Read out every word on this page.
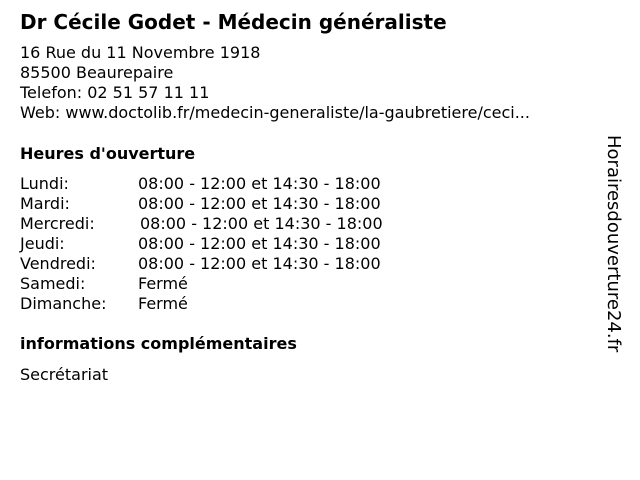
Dr Cécile Godet - Médecin généraliste
16 Rue du 11 Novembre 1918
85500 Beaurepaire
Telefon: 02 51 57 11 11
Web: www.doctolib.fr/medecin-generaliste/la-gaubretiere/ceci...
Heures d'ouverture
Lundi:	08:00 - 12:00 et 14:30 - 18:00
Mardi:	08:00 - 12:00 et 14:30 - 18:00
Mercredi:	08:00 - 12:00 et 14:30 - 18:00
Jeudi:	08:00 - 12:00 et 14:30 - 18:00
Vendredi:	08:00 - 12:00 et 14:30 - 18:00
Samedi:	Fermé
Dimanche: Fermé
informations complémentaires
Secrétariat
Horairesdouverture24.fr
